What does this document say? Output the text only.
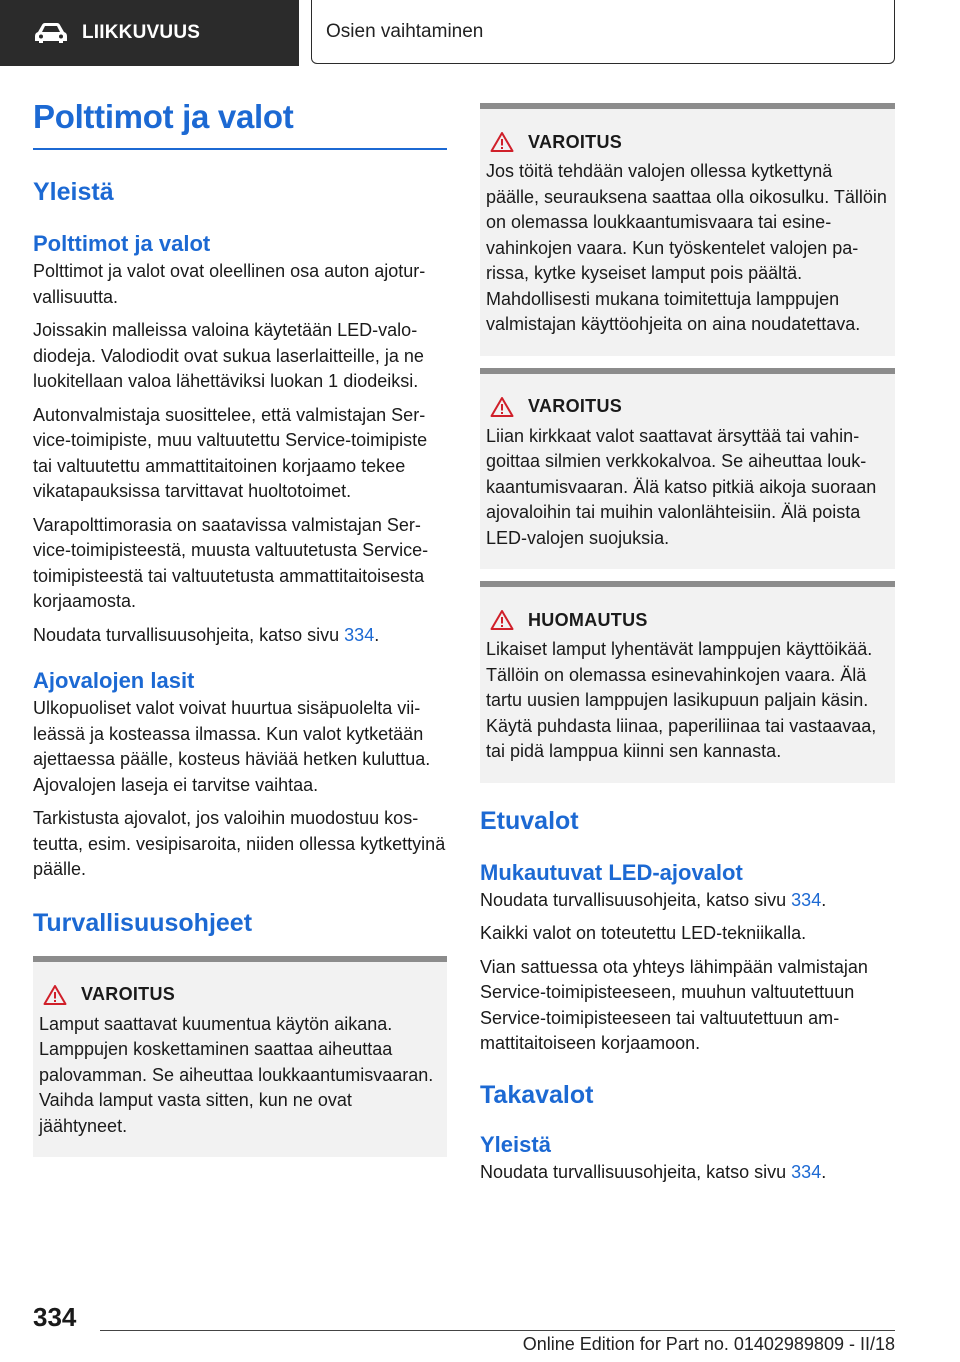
LIIKKUVUUS	Osien vaihtaminen
Polttimot ja valot
Yleistä
Polttimot ja valot

Polttimot ja valot ovat oleellinen osa auton ajoturvallisuutta.

Joissakin malleissa valoina käytetään LED-valodiodeja. Valodiodit ovat sukua laserlaitteille, ja ne luokitellaan valoa lähettäviksi luokan 1 diodeiksi.

Autonvalmistaja suosittelee, että valmistajan Service-toimipiste, muu valtuutettu Service-toimipiste tai valtuutettu ammattitaitoinen korjaamo tekee vikatapauksissa tarvittavat huoltotoimet.

Varapolttimorasia on saatavissa valmistajan Service-toimipisteestä, muusta valtuutetusta Service-toimipisteestä tai valtuutetusta ammattitaitoisesta korjaamosta.

Noudata turvallisuusohjeita, katso sivu 334.

Ajovalojen lasit

Ulkopuoliset valot voivat huurtua sisäpuolelta viileässä ja kosteassa ilmassa. Kun valot kytketään ajettaessa päälle, kosteus häviää hetken kuluttua. Ajovalojen laseja ei tarvitse vaihtaa.

Tarkistusta ajovalot, jos valoihin muodostuu kosteutta, esim. vesipisaroita, niiden ollessa kytkettyinä päälle.

Turvallisuusohjeet
VAROITUS

Lamput saattavat kuumentua käytön aikana. Lamppujen koskettaminen saattaa aiheuttaa palovamman. Se aiheuttaa loukkaantumisvaaran. Vaihda lamput vasta sitten, kun ne ovat jäähtyneet.

VAROITUS

Jos töitä tehdään valojen ollessa kytkettynä päälle, seurauksena saattaa olla oikosulku. Tällöin on olemassa loukkaantumisvaara tai esinevahinkojen vaara. Kun työskentelet valojen parissa, kytke kyseiset lamput pois päältä. Mahdollisesti mukana toimitettuja lamppujen valmistajan käyttöohjeita on aina noudatettava.

VAROITUS

Liian kirkkaat valot saattavat ärsyttää tai vahingoittaa silmien verkkokalvoa. Se aiheuttaa loukkaantumisvaaran. Älä katso pitkiä aikoja suoraan ajovaloihin tai muihin valonlähteisiin. Älä poista LED-valojen suojuksia.

HUOMAUTUS

Likaiset lamput lyhentävät lamppujen käyttöikää. Tällöin on olemassa esinevahinkojen vaara. Älä tartu uusien lamppujen lasikupuun paljain käsin. Käytä puhdasta liinaa, paperiliinaa tai vastaavaa, tai pidä lamppua kiinni sen kannasta.

Etuvalot
Mukautuvat LED-ajovalot

Noudata turvallisuusohjeita, katso sivu 334.

Kaikki valot on toteutettu LED-tekniikalla.

Vian sattuessa ota yhteys lähimpään valmistajan Service-toimipisteeseen, muuhun valtuutettuun Service-toimipisteeseen tai valtuutettuun ammattitaitoiseen korjaamoon.

Takavalot
Yleistä

Noudata turvallisuusohjeita, katso sivu 334.

334
Online Edition for Part no. 01402989809 - II/18
